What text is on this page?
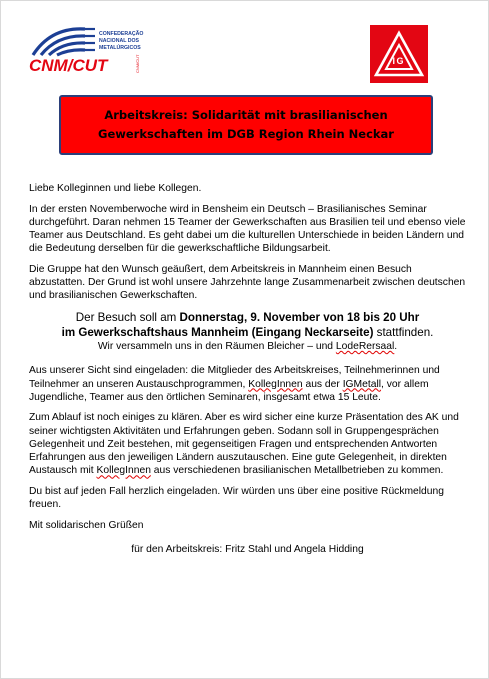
CONFEDERAÇÃO
NACIONAL DOS
METALÚRGICOS
CNM/CUT	CNM/CUT	I G
Arbeitskreis: Solidarität mit brasilianischen
Gewerkschaften im DGB Region Rhein Neckar

Liebe Kolleginnen und liebe Kollegen.

In der ersten Novemberwoche wird in Bensheim ein Deutsch – Brasilianisches Seminar durchgeführt. Daran nehmen 15 Teamer der Gewerkschaften aus Brasilien teil und ebenso viele Teamer aus Deutschland. Es geht dabei um die kulturellen Unterschiede in beiden Ländern und die Bedeutung derselben für die gewerkschaftliche Bildungsarbeit.

Die Gruppe hat den Wunsch geäußert, dem Arbeitskreis in Mannheim einen Besuch abzustatten. Der Grund ist wohl unsere Jahrzehnte lange Zusammenarbeit zwischen deutschen und brasilianischen Gewerkschaften.

Der Besuch soll am Donnerstag, 9. November von 18 bis 20 Uhr

im Gewerkschaftshaus Mannheim (Eingang Neckarseite) stattfinden.

Wir versammeln uns in den Räumen Bleicher – und LodeRersaal.

Aus unserer Sicht sind eingeladen: die Mitglieder des Arbeitskreises, Teilnehmerinnen und Teilnehmer an unseren Austauschprogrammen, KollegInnen aus der IGMetall, vor allem Jugendliche, Teamer aus den örtlichen Seminaren, insgesamt etwa 15 Leute.

Zum Ablauf ist noch einiges zu klären. Aber es wird sicher eine kurze Präsentation des AK und seiner wichtigsten Aktivitäten und Erfahrungen geben. Sodann soll in Gruppengesprächen Gelegenheit und Zeit bestehen, mit gegenseitigen Fragen und entsprechenden Antworten Erfahrungen aus den jeweiligen Ländern auszutauschen. Eine gute Gelegenheit, in direkten Austausch mit KollegInnen aus verschiedenen brasilianischen Metallbetrieben zu kommen.

Du bist auf jeden Fall herzlich eingeladen. Wir würden uns über eine positive Rückmeldung freuen.

Mit solidarischen Grüßen

für den Arbeitskreis: Fritz Stahl und Angela Hidding
